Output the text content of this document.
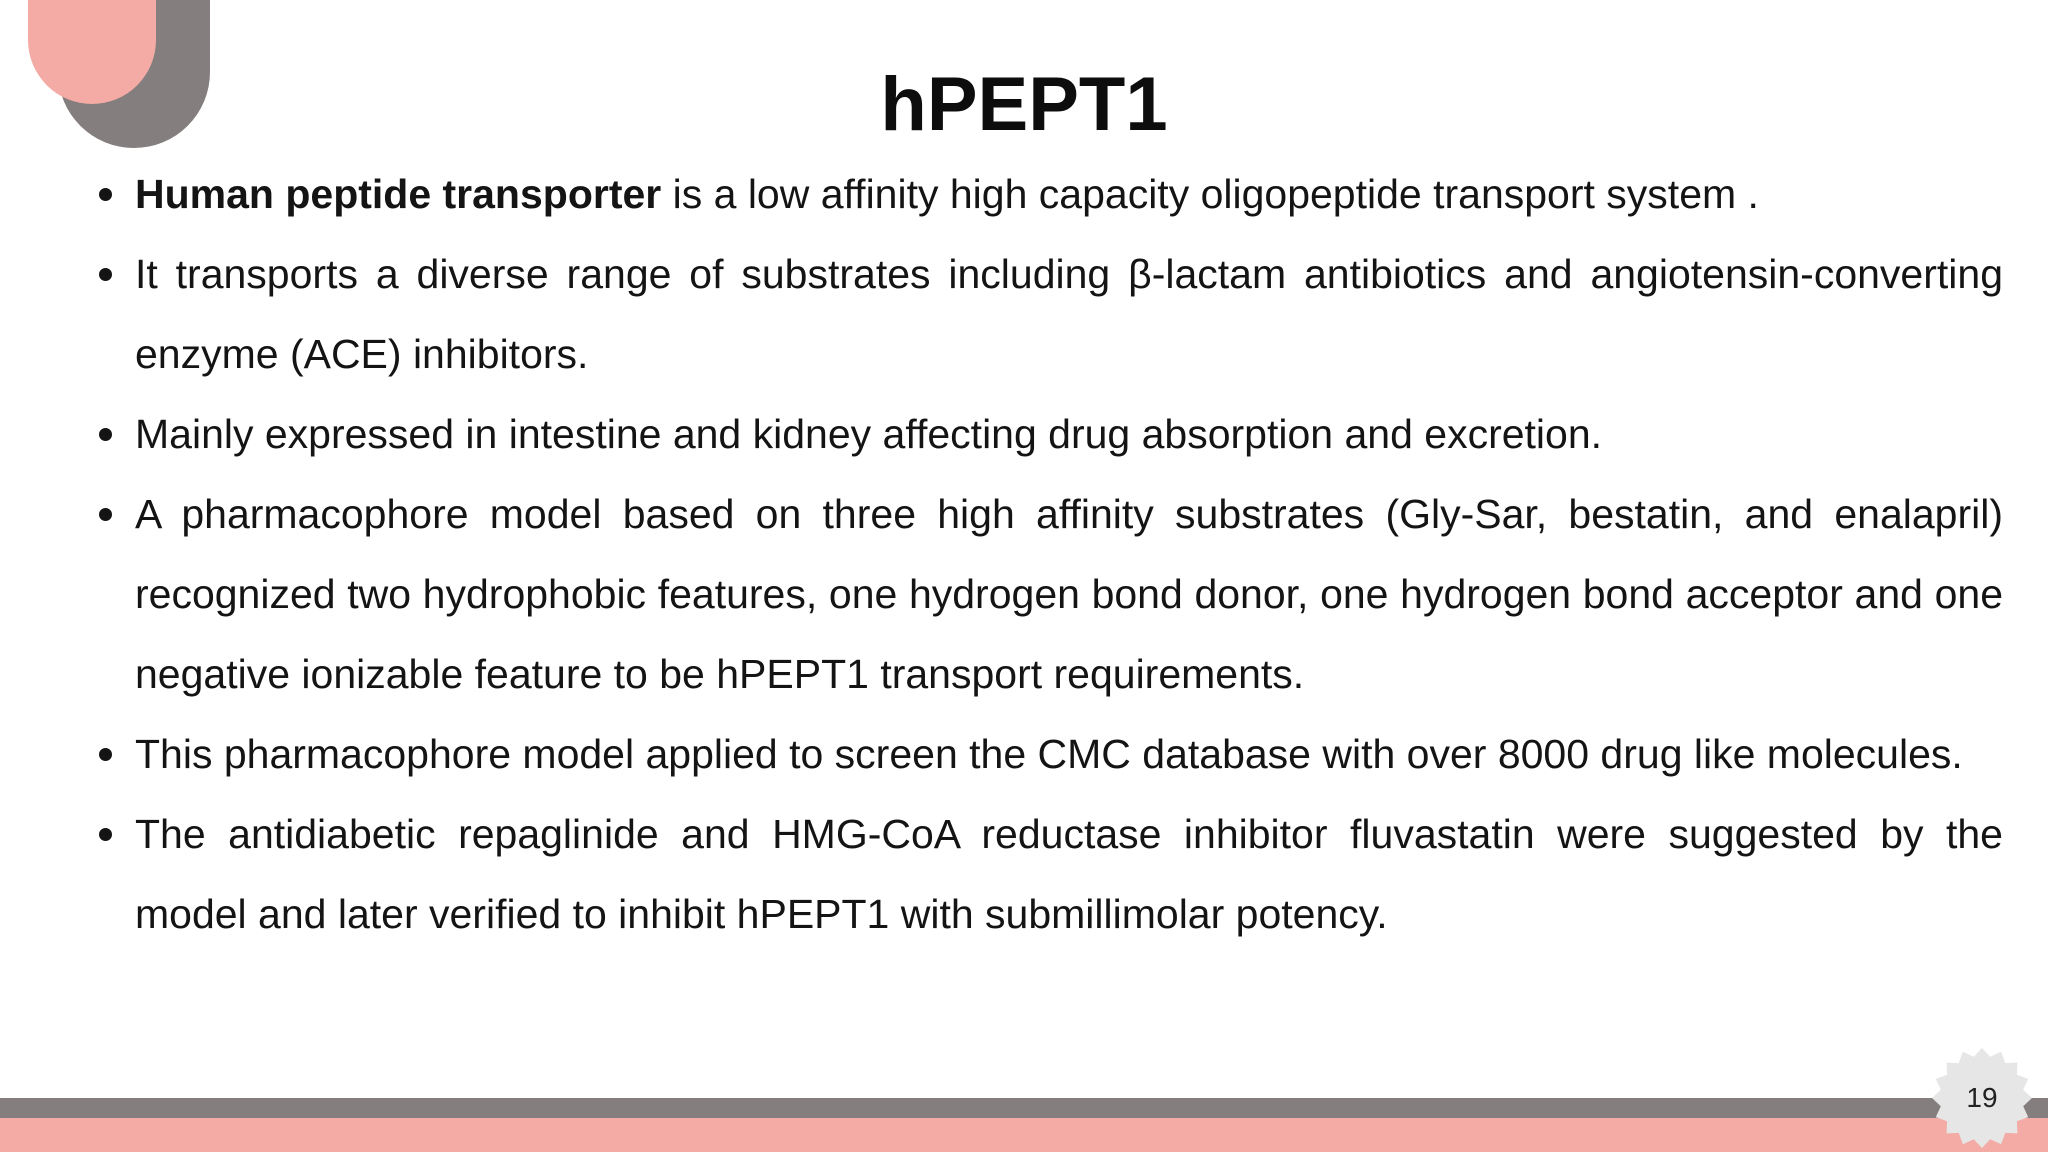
hPEPT1
Human peptide transporter is a low affinity high capacity oligopeptide transport system .
It transports a diverse range of substrates including β-lactam antibiotics and angiotensin-converting enzyme (ACE) inhibitors.
Mainly expressed in intestine and kidney affecting drug absorption and excretion.
A pharmacophore model based on three high affinity substrates (Gly-Sar, bestatin, and enalapril) recognized two hydrophobic features, one hydrogen bond donor, one hydrogen bond acceptor and one negative ionizable feature to be hPEPT1 transport requirements.
This pharmacophore model applied to screen the CMC database with over 8000 drug like molecules.
The antidiabetic repaglinide and HMG-CoA reductase inhibitor fluvastatin were suggested by the model and later verified to inhibit hPEPT1 with submillimolar potency.
19
